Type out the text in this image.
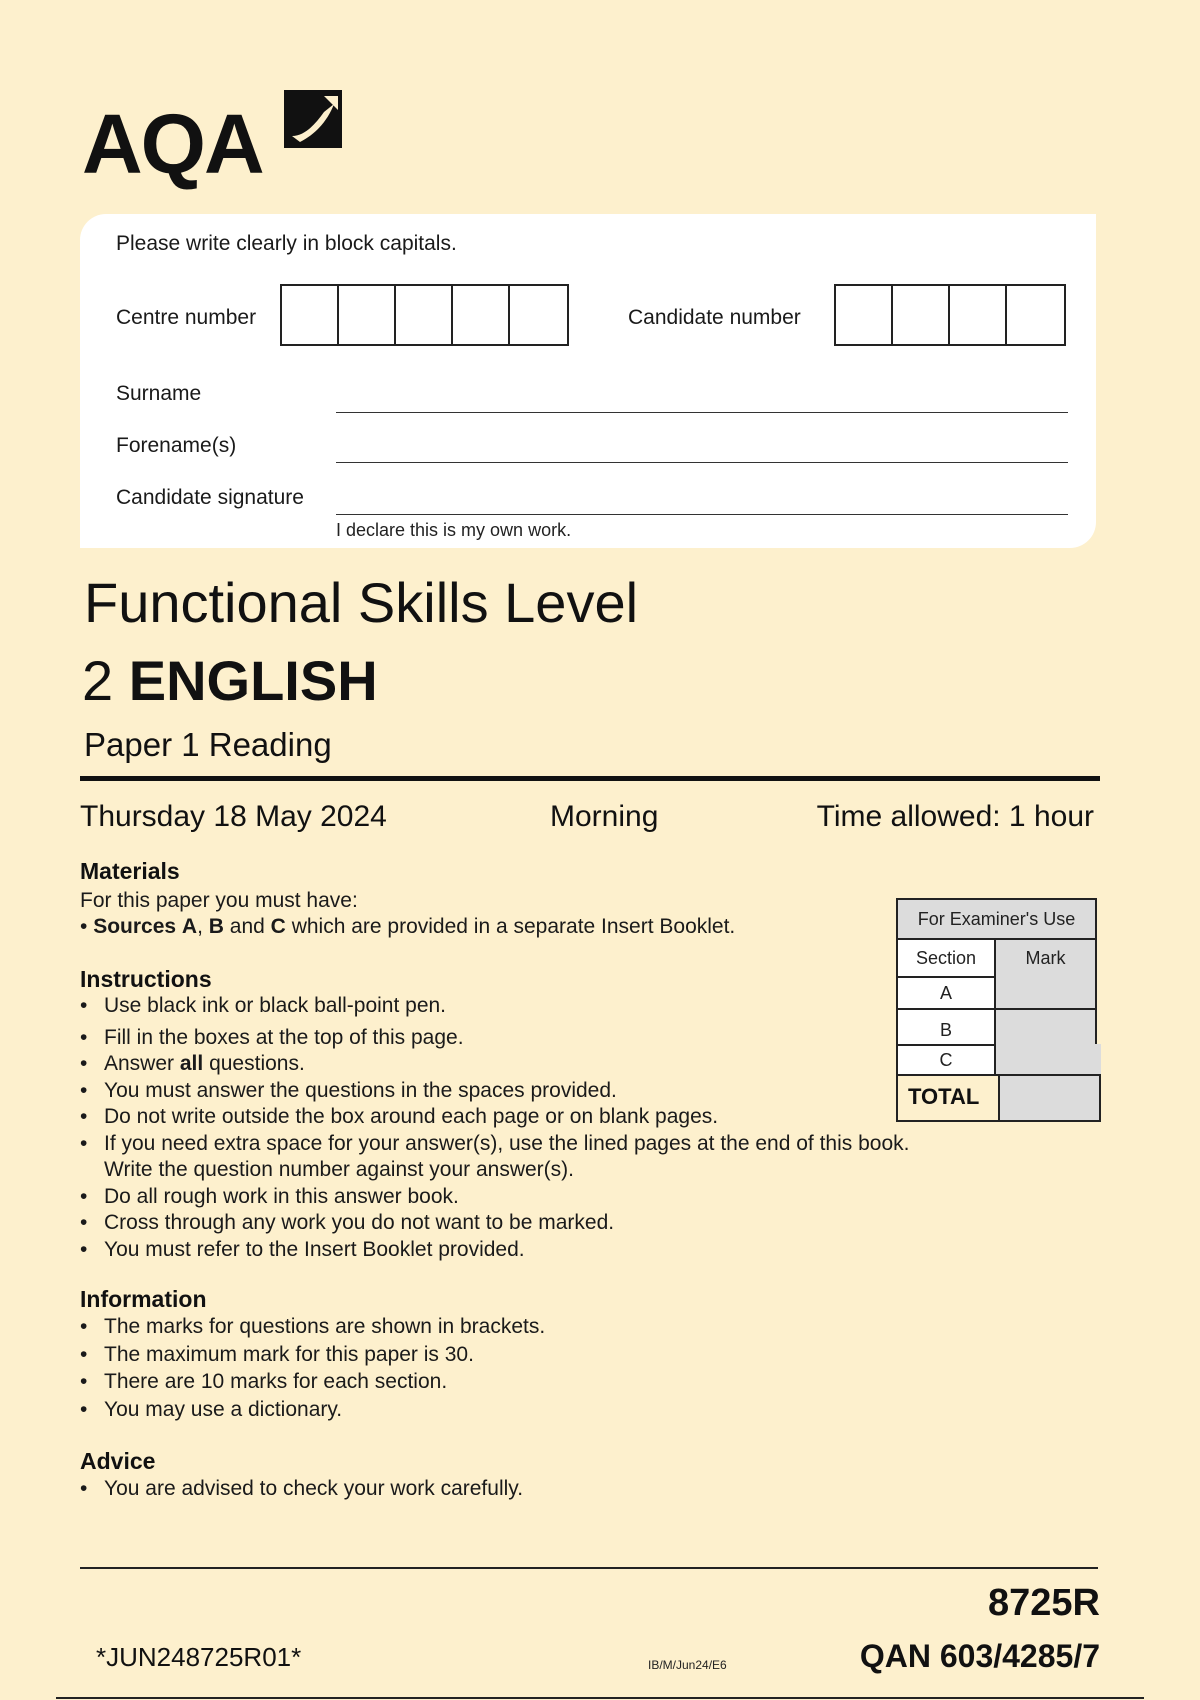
AQA
Please write clearly in block capitals.
Centre number	Candidate number
Surname
Forename(s)
Candidate signature
I declare this is my own work.
Functional Skills Level
2 ENGLISH
Paper 1 Reading
Thursday 18 May 2024	Morning	Time allowed: 1 hour
Materials
For this paper you must have:
• Sources A, B and C which are provided in a separate Insert Booklet.
Instructions
• Use black ink or black ball-point pen.
• Fill in the boxes at the top of this page.
• Answer all questions.
• You must answer the questions in the spaces provided.
• Do not write outside the box around each page or on blank pages.
• If you need extra space for your answer(s), use the lined pages at the end of this book.
Write the question number against your answer(s).
• Do all rough work in this answer book.
• Cross through any work you do not want to be marked.
• You must refer to the Insert Booklet provided.
Information
• The marks for questions are shown in brackets.
• The maximum mark for this paper is 30.
• There are 10 marks for each section.
• You may use a dictionary.
Advice
• You are advised to check your work carefully.
For Examiner's Use
Section	Mark
A
B
C
TOTAL
8725R
*JUN248725R01*	IB/M/Jun24/E6	QAN 603/4285/7
